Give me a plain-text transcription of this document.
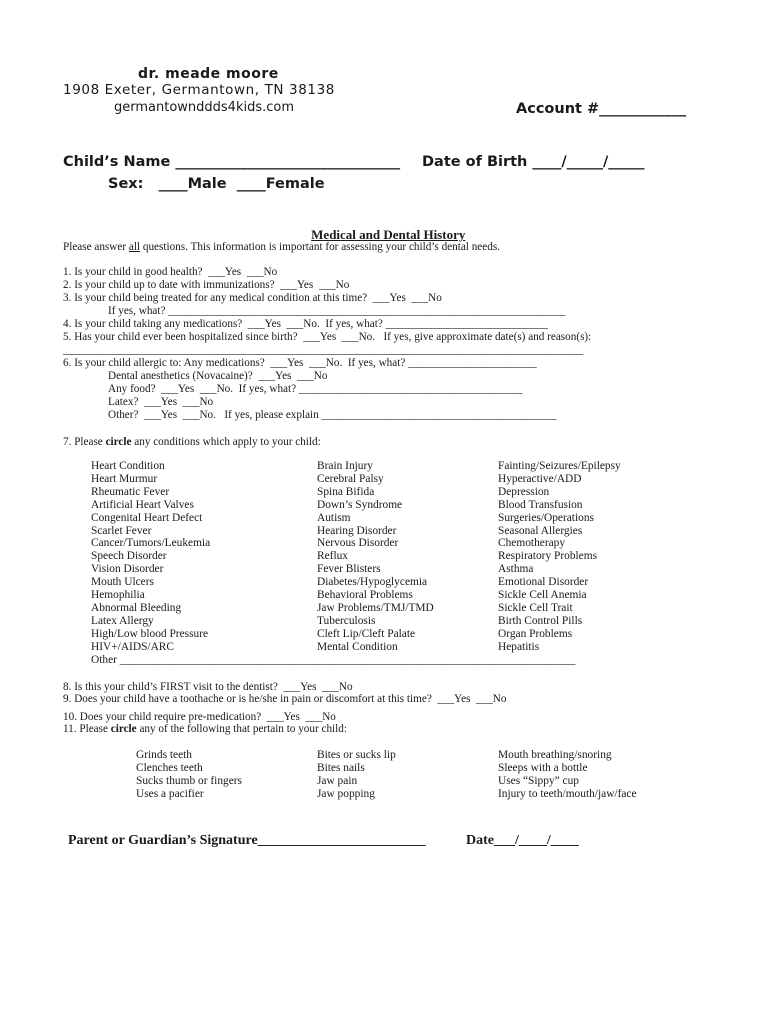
dr. meade moore
1908 Exeter, Germantown, TN 38138
germantownddds4kids.com	Account #____________
Child’s Name _______________________________ Date of Birth ____/_____/_____
Sex:   ____Male  ____Female

Medical and Dental History

Please answer all questions. This information is important for assessing your child’s dental needs.
1. Is your child in good health?  ___Yes  ___No
2. Is your child up to date with immunizations?  ___Yes  ___No
3. Is your child being treated for any medical condition at this time?  ___Yes  ___No
If yes, what? _______________________________________________________________________
4. Is your child taking any medications?  ___Yes  ___No.  If yes, what? _____________________________
5. Has your child ever been hospitalized since birth?  ___Yes  ___No.   If yes, give approximate date(s) and reason(s):
_____________________________________________________________________________________________
6. Is your child allergic to: Any medications?  ___Yes  ___No.  If yes, what? _______________________
Dental anesthetics (Novacaine)?  ___Yes  ___No
Any food?  ___Yes  ___No.  If yes, what? ________________________________________
Latex?  ___Yes  ___No
Other?  ___Yes  ___No.   If yes, please explain __________________________________________
7. Please circle any conditions which apply to your child:
Heart Condition
Heart Murmur
Rheumatic Fever
Artificial Heart Valves
Congenital Heart Defect
Scarlet Fever
Cancer/Tumors/Leukemia
Speech Disorder
Vision Disorder
Mouth Ulcers
Hemophilia
Abnormal Bleeding
Latex Allergy
High/Low blood Pressure
HIV+/AIDS/ARC
Other ________________________________________________________________________________
Brain Injury
Cerebral Palsy
Spina Bifida
Down’s Syndrome
Autism
Hearing Disorder
Nervous Disorder
Reflux
Fever Blisters
Diabetes/Hypoglycemia
Behavioral Problems
Jaw Problems/TMJ/TMD
Tuberculosis
Cleft Lip/Cleft Palate
Mental Condition
Fainting/Seizures/Epilepsy
Hyperactive/ADD
Depression
Blood Transfusion
Surgeries/Operations
Seasonal Allergies
Chemotherapy
Respiratory Problems
Asthma
Emotional Disorder
Sickle Cell Anemia
Sickle Cell Trait
Birth Control Pills
Organ Problems
Hepatitis
8. Is this your child’s FIRST visit to the dentist?  ___Yes  ___No
9. Does your child have a toothache or is he/she in pain or discomfort at this time?  ___Yes  ___No
10. Does your child require pre-medication?  ___Yes  ___No
11. Please circle any of the following that pertain to your child:
Grinds teeth
Clenches teeth
Sucks thumb or fingers
Uses a pacifier
Bites or sucks lip
Bites nails
Jaw pain
Jaw popping
Mouth breathing/snoring
Sleeps with a bottle
Uses “Sippy” cup
Injury to teeth/mouth/jaw/face
Parent or Guardian’s Signature________________________	Date___/____/____
